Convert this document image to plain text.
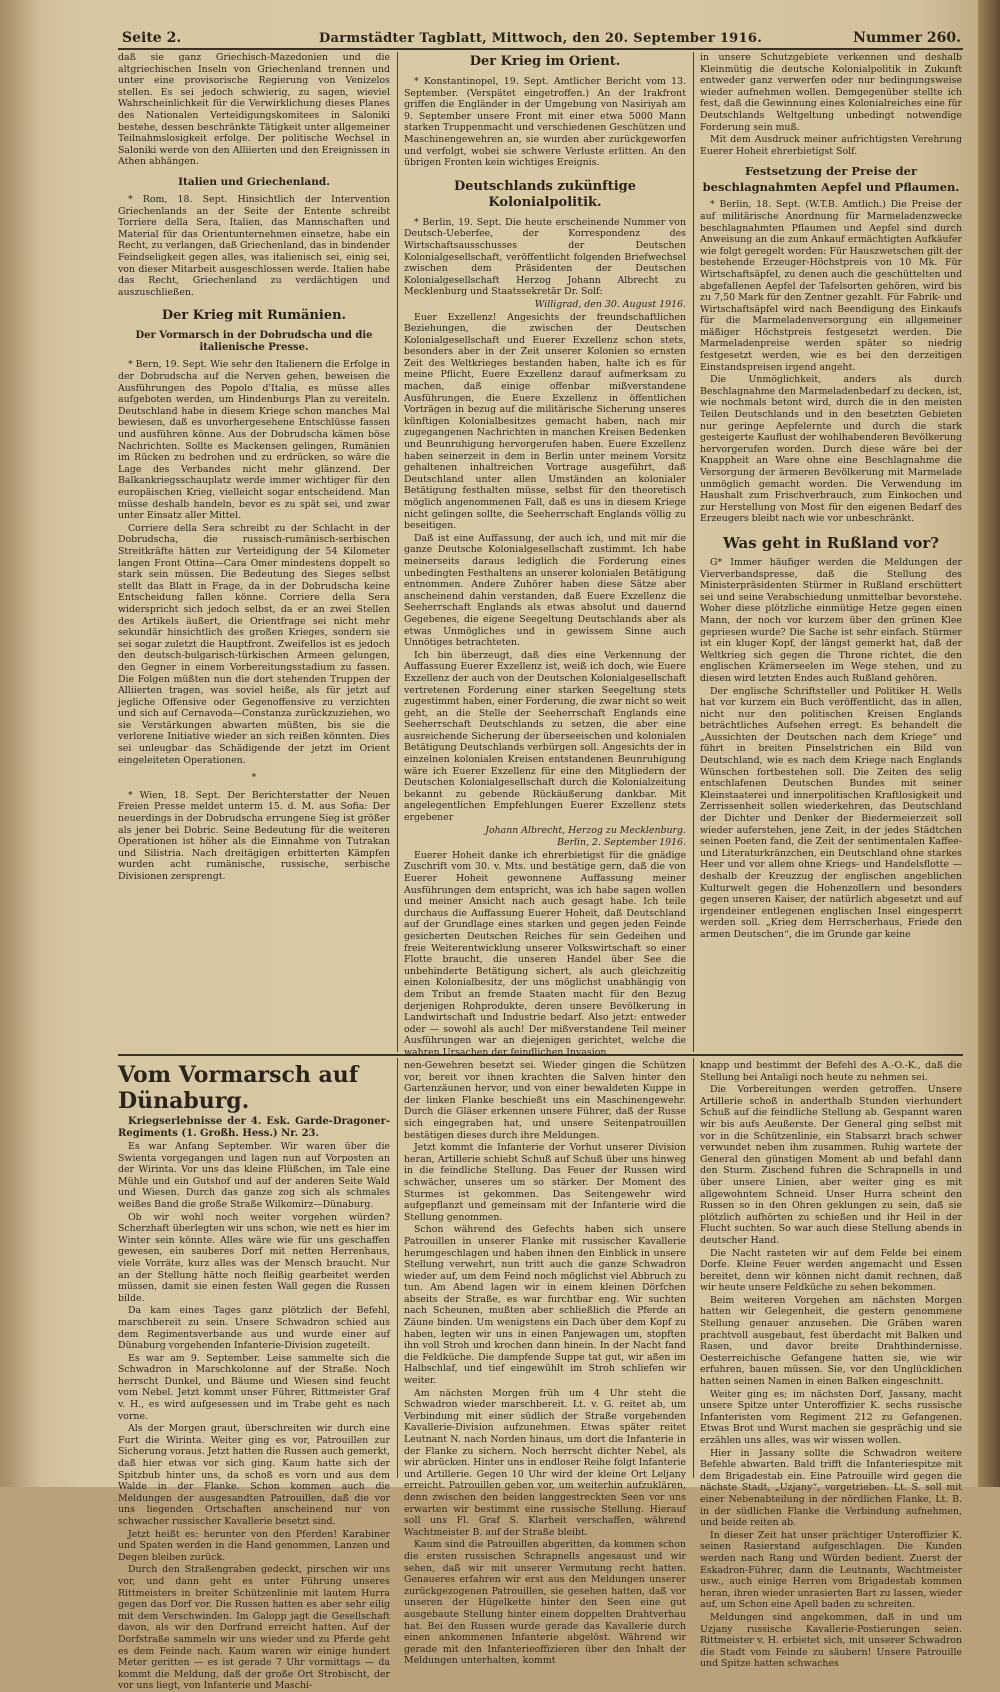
Seite 2.	Darmstädter Tagblatt, Mittwoch, den 20. September 1916.	Nummer 260.

daß sie ganz Griechisch-Mazedonien und die altgriechischen Inseln von Griechenland trennen und unter eine provisorische Regierung von Venizelos stellen. Es sei jedoch schwierig, zu sagen, wieviel Wahrscheinlichkeit für die Verwirklichung dieses Planes des Nationalen Verteidigungskomitees in Saloniki bestehe, dessen beschränkte Tätigkeit unter allgemeiner Teilnahmslosigkeit erfolge. Der politische Wechsel in Saloniki werde von den Alliierten und den Ereignissen in Athen abhängen.

Italien und Griechenland.

* Rom, 18. Sept. Hinsichtlich der Intervention Griechenlands an der Seite der Entente schreibt Torriere della Sera, Italien, das Mannschaften und Material für das Orientunternehmen einsetze, habe ein Recht, zu verlangen, daß Griechenland, das in bindender Feindseligkeit gegen alles, was italienisch sei, einig sei, von dieser Mitarbeit ausgeschlossen werde. Italien habe das Recht, Griechenland zu verdächtigen und auszuschließen.

Der Krieg mit Rumänien.
Der Vormarsch in der Dobrudscha und die italienische Presse.

* Bern, 19. Sept. Wie sehr den Italienern die Erfolge in der Dobrudscha auf die Nerven gehen, beweisen die Ausführungen des Popolo d'Italia, es müsse alles aufgeboten werden, um Hindenburgs Plan zu vereiteln. Deutschland habe in diesem Kriege schon manches Mal bewiesen, daß es unvorhergesehene Entschlüsse fassen und ausführen könne. Aus der Dobrudscha kämen böse Nachrichten. Sollte es Mackensen gelingen, Rumänien im Rücken zu bedrohen und zu erdrücken, so wäre die Lage des Verbandes nicht mehr glänzend. Der Balkankriegsschauplatz werde immer wichtiger für den europäischen Krieg, vielleicht sogar entscheidend. Man müsse deshalb handeln, bevor es zu spät sei, und zwar unter Einsatz aller Mittel.

Corriere della Sera schreibt zu der Schlacht in der Dobrudscha, die russisch-rumänisch-serbischen Streitkräfte hätten zur Verteidigung der 54 Kilometer langen Front Ottina—Cara Omer mindestens doppelt so stark sein müssen. Die Bedeutung des Sieges selbst stellt das Blatt in Frage, da in der Dobrudscha keine Entscheidung fallen könne. Corriere della Sera widerspricht sich jedoch selbst, da er an zwei Stellen des Artikels äußert, die Orientfrage sei nicht mehr sekundär hinsichtlich des großen Krieges, sondern sie sei sogar zuletzt die Hauptfront. Zweifellos ist es jedoch den deutsch-bulgarisch-türkischen Armeen gelungen, den Gegner in einem Vorbereitungsstadium zu fassen. Die Folgen müßten nun die dort stehenden Truppen der Alliierten tragen, was soviel heiße, als für jetzt auf jegliche Offensive oder Gegenoffensive zu verzichten und sich auf Cernavoda—Constanza zurückzuziehen, wo sie Verstärkungen abwarten müßten, bis sie die verlorene Initiative wieder an sich reißen könnten. Dies sei unleugbar das Schädigende der jetzt im Orient eingeleiteten Operationen.

*

* Wien, 18. Sept. Der Berichterstatter der Neuen Freien Presse meldet unterm 15. d. M. aus Sofia: Der neuerdings in der Dobrudscha errungene Sieg ist größer als jener bei Dobric. Seine Bedeutung für die weiteren Operationen ist höher als die Einnahme von Tutrakan und Silistria. Nach dreitägigen erbitterten Kämpfen wurden acht rumänische, russische, serbische Divisionen zersprengt.

Der Krieg im Orient.

* Konstantinopel, 19. Sept. Amtlicher Bericht vom 13. September. (Verspätet eingetroffen.) An der Irakfront griffen die Engländer in der Umgebung von Nasiriyah am 9. September unsere Front mit einer etwa 5000 Mann starken Truppenmacht und verschiedenen Geschützen und Maschinengewehren an, sie wurden aber zurückgeworfen und verfolgt, wobei sie schwere Verluste erlitten. An den übrigen Fronten kein wichtiges Ereignis.

Deutschlands zukünftige Kolonialpolitik.

* Berlin, 19. Sept. Die heute erscheinende Nummer von Deutsch-Ueberfee, der Korrespondenz des Wirtschaftsausschusses der Deutschen Kolonialgesellschaft, veröffentlicht folgenden Briefwechsel zwischen dem Präsidenten der Deutschen Kolonialgesellschaft Herzog Johann Albrecht zu Mecklenburg und Staatssekretär Dr. Solf:

Willigrad, den 30. August 1916.

Euer Exzellenz! Angesichts der freundschaftlichen Beziehungen, die zwischen der Deutschen Kolonialgesellschaft und Euerer Exzellenz schon stets, besonders aber in der Zeit unserer Kolonien so ernsten Zeit des Weltkrieges bestanden haben, halte ich es für meine Pflicht, Euere Exzellenz darauf aufmerksam zu machen, daß einige offenbar mißverstandene Ausführungen, die Euere Exzellenz in öffentlichen Vorträgen in bezug auf die militärische Sicherung unseres künftigen Kolonialbesitzes gemacht haben, nach mir zugegangenen Nachrichten in manchen Kreisen Bedenken und Beunruhigung hervorgerufen haben. Euere Exzellenz haben seinerzeit in dem in Berlin unter meinem Vorsitz gehaltenen inhaltreichen Vortrage ausgeführt, daß Deutschland unter allen Umständen an kolonialer Betätigung festhalten müsse, selbst für den theoretisch möglich angenommenen Fall, daß es uns in diesem Kriege nicht gelingen sollte, die Seeherrschaft Englands völlig zu beseitigen.

Daß ist eine Auffassung, der auch ich, und mit mir die ganze Deutsche Kolonialgesellschaft zustimmt. Ich habe meinerseits daraus lediglich die Forderung eines unbedingten Festhaltens an unserer kolonialen Betätigung entnommen. Andere Zuhörer haben diese Sätze aber anscheinend dahin verstanden, daß Euere Exzellenz die Seeherrschaft Englands als etwas absolut und dauernd Gegebenes, die eigene Seegeltung Deutschlands aber als etwas Unmögliches und in gewissem Sinne auch Unnötiges betrachteten.

Ich bin überzeugt, daß dies eine Verkennung der Auffassung Euerer Exzellenz ist, weiß ich doch, wie Euere Exzellenz der auch von der Deutschen Kolonialgesellschaft vertretenen Forderung einer starken Seegeltung stets zugestimmt haben, einer Forderung, die zwar nicht so weit geht, an die Stelle der Seeherrschaft Englands eine Seeherrschaft Deutschlands zu setzen, die aber eine ausreichende Sicherung der überseeischen und kolonialen Betätigung Deutschlands verbürgen soll. Angesichts der in einzelnen kolonialen Kreisen entstandenen Beunruhigung wäre ich Euerer Exzellenz für eine den Mitgliedern der Deutschen Kolonialgesellschaft durch die Kolonialzeitung bekannt zu gebende Rückäußerung dankbar. Mit angelegentlichen Empfehlungen Euerer Exzellenz stets ergebener

Johann Albrecht, Herzog zu Mecklenburg.

Berlin, 2. September 1916.

Euerer Hoheit danke ich ehrerbietigst für die gnädige Zuschrift vom 30. v. Mts. und bestätige gern, daß die von Euerer Hoheit gewonnene Auffassung meiner Ausführungen dem entspricht, was ich habe sagen wollen und meiner Ansicht nach auch gesagt habe. Ich teile durchaus die Auffassung Euerer Hoheit, daß Deutschland auf der Grundlage eines starken und gegen jeden Feinde gesicherten Deutschen Reiches für sein Gedeihen und freie Weiterentwicklung unserer Volkswirtschaft so einer Flotte braucht, die unseren Handel über See die unbehinderte Betätigung sichert, als auch gleichzeitig einen Kolonialbesitz, der uns möglichst unabhängig von dem Tribut an fremde Staaten macht für den Bezug derjenigen Rohprodukte, deren unsere Bevölkerung in Landwirtschaft und Industrie bedarf. Also jetzt: entweder oder — sowohl als auch! Der mißverstandene Teil meiner Ausführungen war an diejenigen gerichtet, welche die wahren Ursachen der feindlichen Invasion

in unsere Schutzgebiete verkennen und deshalb Kleinmütig die deutsche Kolonialpolitik in Zukunft entweder ganz verwerfen oder nur bedingungsweise wieder aufnehmen wollen. Demgegenüber stellte ich fest, daß die Gewinnung eines Kolonialreiches eine für Deutschlands Weltgeltung unbedingt notwendige Forderung sein muß.

Mit dem Ausdruck meiner aufrichtigsten Verehrung Euerer Hoheit ehrerbietigst Solf.

Festsetzung der Preise der beschlagnahmten Aepfel und Pflaumen.

* Berlin, 18. Sept. (W.T.B. Amtlich.) Die Preise der auf militärische Anordnung für Marmeladenzwecke beschlagnahmten Pflaumen und Aepfel sind durch Anweisung an die zum Ankauf ermächtigten Aufkäufer wie folgt geregelt worden: Für Hauszwetschen gilt der bestehende Erzeuger-Höchstpreis von 10 Mk. Für Wirtschaftsäpfel, zu denen auch die geschüttelten und abgefallenen Aepfel der Tafelsorten gehören, wird bis zu 7,50 Mark für den Zentner gezahlt. Für Fabrik- und Wirtschaftsäpfel wird nach Beendigung des Einkaufs für die Marmeladenversorgung ein allgemeiner mäßiger Höchstpreis festgesetzt werden. Die Marmeladenpreise werden später so niedrig festgesetzt werden, wie es bei den derzeitigen Einstandspreisen irgend angeht.

Die Unmöglichkeit, anders als durch Beschlagnahme den Marmeladenbedarf zu decken, ist, wie nochmals betont wird, durch die in den meisten Teilen Deutschlands und in den besetzten Gebieten nur geringe Aepfelernte und durch die stark gesteigerte Kauflust der wohlhabenderen Bevölkerung hervorgerufen worden. Durch diese wäre bei der Knappheit an Ware ohne eine Beschlagnahme die Versorgung der ärmeren Bevölkerung mit Marmelade unmöglich gemacht worden. Die Verwendung im Haushalt zum Frischverbrauch, zum Einkochen und zur Herstellung von Most für den eigenen Bedarf des Erzeugers bleibt nach wie vor unbeschränkt.

Was geht in Rußland vor?

G* Immer häufiger werden die Meldungen der Vierverbandspresse, daß die Stellung des Ministerpräsidenten Stürmer in Rußland erschüttert sei und seine Verabschiedung unmittelbar bevorstehe. Woher diese plötzliche einmütige Hetze gegen einen Mann, der noch vor kurzem über den grünen Klee gepriesen wurde? Die Sache ist sehr einfach. Stürmer ist ein kluger Kopf, der längst gemerkt hat, daß der Weltkrieg sich gegen die Throne richtet, die den englischen Krämerseelen im Wege stehen, und zu diesen wird letzten Endes auch Rußland gehören.

Der englische Schriftsteller und Politiker H. Wells hat vor kurzem ein Buch veröffentlicht, das in allen, nicht nur den politischen Kreisen Englands beträchtliches Aufsehen erregt. Es behandelt die „Aussichten der Deutschen nach dem Kriege“ und führt in breiten Pinselstrichen ein Bild von Deutschland, wie es nach dem Kriege nach Englands Wünschen fortbestehen soll. Die Zeiten des selig entschlafenen Deutschen Bundes mit seiner Kleinstaaterei und innerpolitischen Kraftlosigkeit und Zerrissenheit sollen wiederkehren, das Deutschland der Dichter und Denker der Biedermeierzeit soll wieder auferstehen, jene Zeit, in der jedes Städtchen seinen Poeten fand, die Zeit der sentimentalen Kaffee- und Literaturkränzchen, ein Deutschland ohne starkes Heer und vor allem ohne Kriegs- und Handelsflotte — deshalb der Kreuzzug der englischen angeblichen Kulturwelt gegen die Hohenzollern und besonders gegen unseren Kaiser, der natürlich abgesetzt und auf irgendeiner entlegenen englischen Insel eingesperrt werden soll. „Krieg dem Herrscherhaus, Friede den armen Deutschen“, die im Grunde gar keine

Vom Vormarsch auf Dünaburg.

Kriegserlebnisse der 4. Esk. Garde-Dragoner-Regiments (1. Großh. Hess.) Nr. 23.

Es war Anfang September. Wir waren über die Swienta vorgegangen und lagen nun auf Vorposten an der Wirinta. Vor uns das kleine Flüßchen, im Tale eine Mühle und ein Gutshof und auf der anderen Seite Wald und Wiesen. Durch das ganze zog sich als schmales weißes Band die große Straße Wilkomirz—Dünaburg.

Ob wir wohl noch weiter vorgehen würden? Scherzhaft überlegten wir uns schon, wie nett es hier im Winter sein könnte. Alles wäre wie für uns geschaffen gewesen, ein sauberes Dorf mit netten Herrenhaus, viele Vorräte, kurz alles was der Mensch braucht. Nur an der Stellung hätte noch fleißig gearbeitet werden müssen, damit sie einen festen Wall gegen die Russen bilde.

Da kam eines Tages ganz plötzlich der Befehl, marschbereit zu sein. Unsere Schwadron schied aus dem Regimentsverbande aus und wurde einer auf Dünaburg vorgehenden Infanterie-Division zugeteilt.

Es war am 9. September. Leise sammelte sich die Schwadron in Marschkolonne auf der Straße. Noch herrscht Dunkel, und Bäume und Wiesen sind feucht vom Nebel. Jetzt kommt unser Führer, Rittmeister Graf v. H., es wird aufgesessen und im Trabe geht es nach vorne.

Als der Morgen graut, überschreiten wir durch eine Furt die Wirinta. Weiter ging es vor, Patrouillen zur Sicherung voraus. Jetzt hatten die Russen auch gemerkt, daß hier etwas vor sich ging. Kaum hatte sich der Spitzbub hinter uns, da schoß es vorn und aus dem Walde in der Flanke. Schon kommen auch die Meldungen der ausgesandten Patrouillen, daß die vor uns liegenden Ortschaften anscheinend nur von schwacher russischer Kavallerie besetzt sind.

Jetzt heißt es: herunter von den Pferden! Karabiner und Spaten werden in die Hand genommen, Lanzen und Degen bleiben zurück.

Durch den Straßengraben gedeckt, pirschen wir uns vor, und dann geht es unter Führung unseres Rittmeisters in breiter Schützenlinie mit lautem Hurra gegen das Dorf vor. Die Russen hatten es aber sehr eilig mit dem Verschwinden. Im Galopp jagt die Gesellschaft davon, als wir den Dorfrand erreicht hatten. Auf der Dorfstraße sammeln wir uns wieder und zu Pferde geht es dem Feinde nach. Kaum waren wir einige hundert Meter geritten — es ist gerade 7 Uhr vormittags — da kommt die Meldung, daß der große Ort Strobischt, der vor uns liegt, von Infanterie und Maschi-

nen-Gewehren besetzt sei. Wieder gingen die Schützen vor, bereit vor ihnen krachten die Salven hinter den Gartenzäunen hervor, und von einer bewaldeten Kuppe in der linken Flanke beschießt uns ein Maschinengewehr. Durch die Gläser erkennen unsere Führer, daß der Russe sich eingegraben hat, und unsere Seitenpatrouillen bestätigen dieses durch ihre Meldungen.

Jetzt kommt die Infanterie der Vorhut unserer Division heran, Artillerie schiebt Schuß auf Schuß über uns hinweg in die feindliche Stellung. Das Feuer der Russen wird schwächer, unseres um so stärker. Der Moment des Sturmes ist gekommen. Das Seitengewehr wird aufgepflanzt und gemeinsam mit der Infanterie wird die Stellung genommen.

Schon während des Gefechts haben sich unsere Patrouillen in unserer Flanke mit russischer Kavallerie herumgeschlagen und haben ihnen den Einblick in unsere Stellung verwehrt, nun tritt auch die ganze Schwadron wieder auf, um dem Feind noch möglichst viel Abbruch zu tun. Am Abend lagen wir in einem kleinen Dörfchen abseits der Straße, es war furchtbar eng. Wir suchten nach Scheunen, mußten aber schließlich die Pferde an Zäune binden. Um wenigstens ein Dach über dem Kopf zu haben, legten wir uns in einen Panjewagen um, stopften ihn voll Stroh und krochen dann hinein. In der Nacht fand die Feldküche. Die dampfende Suppe tat gut, wir aßen im Halbschlaf, und tief eingewühlt im Stroh schliefen wir weiter.

Am nächsten Morgen früh um 4 Uhr steht die Schwadron wieder marschbereit. Lt. v. G. reitet ab, um Verbindung mit einer südlich der Straße vorgehenden Kavallerie-Division aufzunehmen. Etwas später reitet Leutnant N. nach Norden hinaus, um dort die Infanterie in der Flanke zu sichern. Noch herrscht dichter Nebel, als wir abrücken. Hinter uns in endloser Reihe folgt Infanterie und Artillerie. Gegen 10 Uhr wird der kleine Ort Leljany erreicht. Patrouillen geben vor, um weiterhin aufzuklären, denn zwischen den beiden langgestreckten Seen vor uns erwarten wir bestimmt eine russische Stellung. Hierauf soll uns Fl. Graf S. Klarheit verschaffen, während Wachtmeister B. auf der Straße bleibt.

Kaum sind die Patrouillen abgeritten, da kommen schon die ersten russischen Schrapnells angesaust und wir sehen, daß wir mit unserer Vermutung recht hatten. Genaueres erfahren wir erst aus den Meldungen unserer zurückgezogenen Patrouillen, sie gesehen hatten, daß vor unseren der Hügelkette hinter den Seen eine gut ausgebaute Stellung hinter einem doppelten Drahtverhau hat. Bei den Russen wurde gerade das Kavallerie durch einen ankommenen Infanterie abgelöst. Während wir gerade mit den Infanterieoffizieren über den Inhalt der Meldungen unterhalten, kommt

knapp und bestimmt der Befehl des A.-O.-K., daß die Stellung bei Antaligi noch heute zu nehmen sei.

Die Vorbereitungen werden getroffen. Unsere Artillerie schoß in anderthalb Stunden vierhundert Schuß auf die feindliche Stellung ab. Gespannt waren wir bis aufs Aeußerste. Der General ging selbst mit vor in die Schützenlinie, ein Stabsarzt brach schwer verwundet neben ihm zusammen. Ruhig wartete der General den günstigen Moment ab und befahl dann den Sturm. Zischend fuhren die Schrapnells in und über unsere Linien, aber weiter ging es mit allgewohntem Schneid. Unser Hurra scheint den Russen so in den Ohren geklungen zu sein, daß sie plötzlich aufhörten zu schießen und ihr Heil in der Flucht suchten. So war auch diese Stellung abends in deutscher Hand.

Die Nacht rasteten wir auf dem Felde bei einem Dorfe. Kleine Feuer werden angemacht und Essen bereitet, denn wir können nicht damit rechnen, daß wir heute unsere Feldküche zu sehen bekommen.

Beim weiteren Vorgehen am nächsten Morgen hatten wir Gelegenheit, die gestern genommene Stellung genauer anzusehen. Die Gräben waren prachtvoll ausgebaut, fest überdacht mit Balken und Rasen, und davor breite Drahthindernisse. Oesterreichische Gefangene hatten sie, wie wir erfuhren, bauen müssen. Sie, vor den Unglücklichen hatten seinen Namen in einen Balken eingeschnitt.

Weiter ging es; im nächsten Dorf, Jassany, macht unsere Spitze unter Unteroffizier K. sechs russische Infanteristen vom Regiment 212 zu Gefangenen. Etwas Brot und Wurst machen sie gesprächig und sie erzählen uns alles, was wir wissen wollen.

Hier in Jassany sollte die Schwadron weitere Befehle abwarten. Bald trifft die Infanteriespitze mit dem Brigadestab ein. Eine Patrouille wird gegen die nächste Stadt, „Uzjany“, vorgetrieben. Lt. S. soll mit einer Nebenabteilung in der nördlichen Flanke, Lt. B. in der südlichen Flanke die Verbindung aufnehmen, und beide reiten ab.

In dieser Zeit hat unser prächtiger Unteroffizier K. seinen Rasierstand aufgeschlagen. Die Kunden werden nach Rang und Würden bedient. Zuerst der Eskadron-Führer, dann die Leutnants, Wachtmeister usw., auch einige Herren vom Brigadestab kommen heran, ihren wieder unrasierten Bart zu lassen, wieder auf, um Schon eine Apell baden zu schreiten.

Meldungen sind angekommen, daß in und um Uzjany russische Kavallerie-Postierungen seien. Rittmeister v. H. erbietet sich, mit unserer Schwadron die Stadt vom Feinde zu säubern! Unsere Patrouille und Spitze hatten schwaches
